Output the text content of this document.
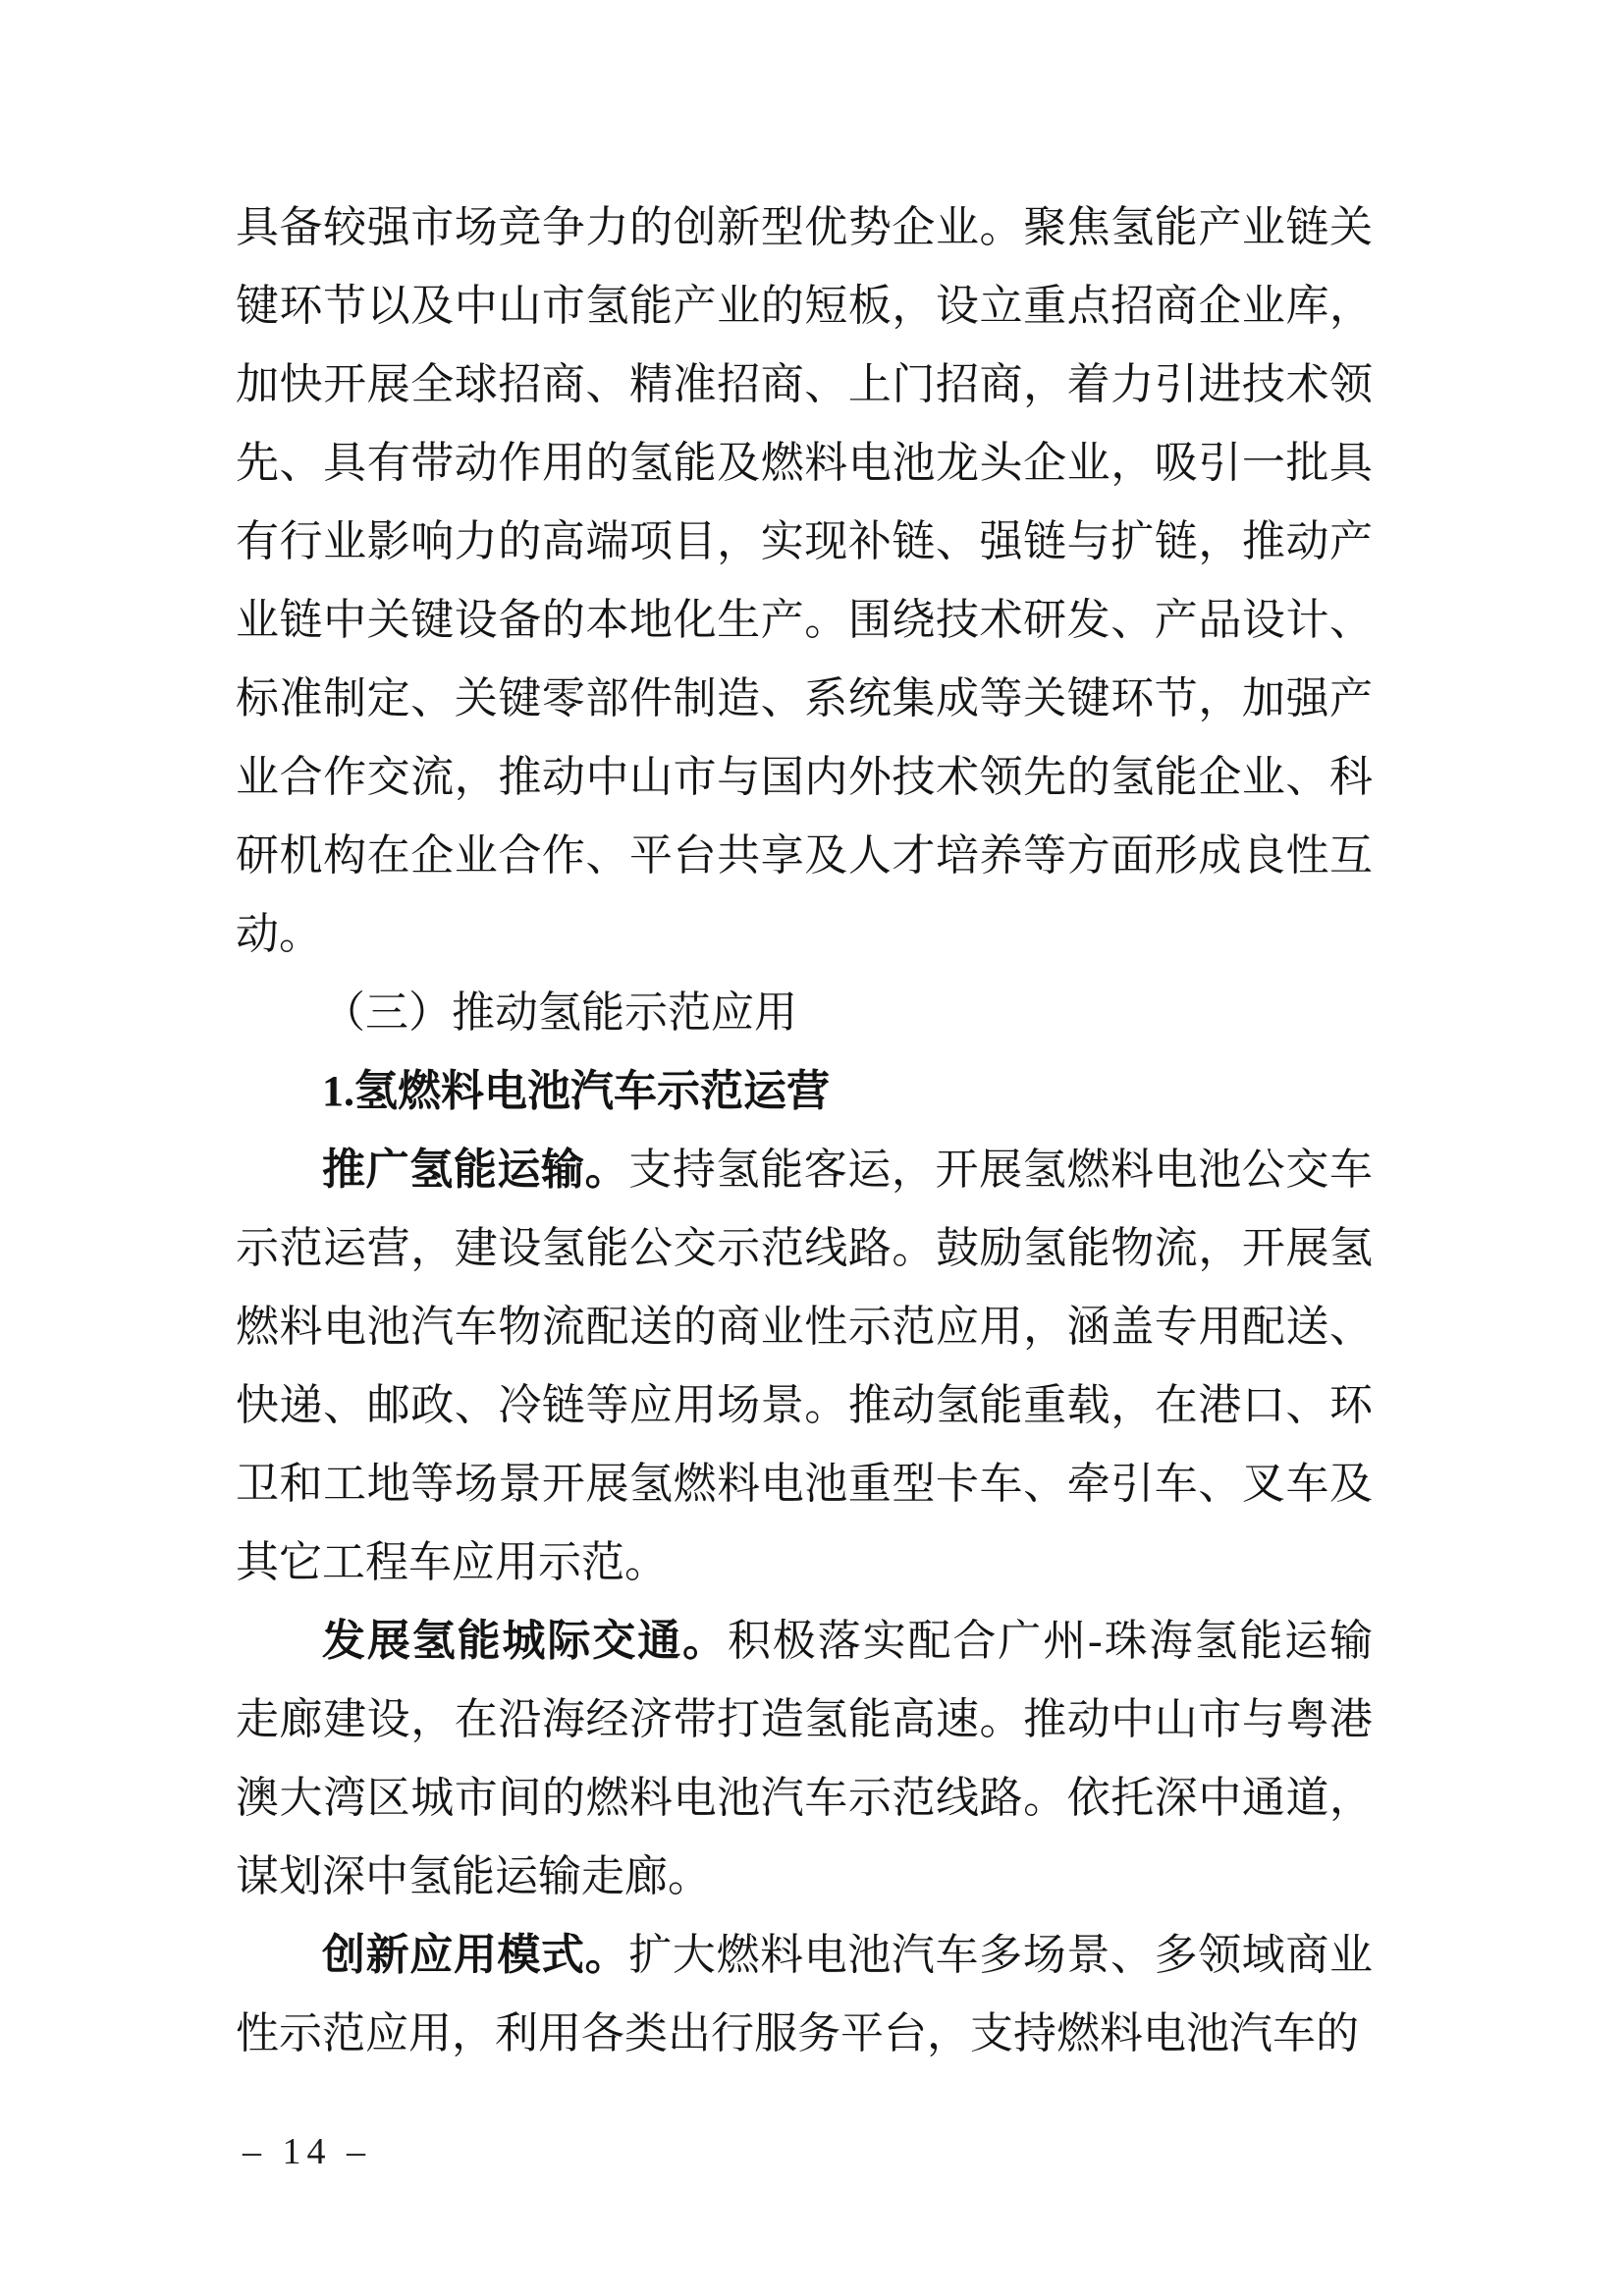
具备较强市场竞争力的创新型优势企业。聚焦氢能产业链关键环节以及中山市氢能产业的短板，设立重点招商企业库，加快开展全球招商、精准招商、上门招商，着力引进技术领先、具有带动作用的氢能及燃料电池龙头企业，吸引一批具有行业影响力的高端项目，实现补链、强链与扩链，推动产业链中关键设备的本地化生产。围绕技术研发、产品设计、标准制定、关键零部件制造、系统集成等关键环节，加强产业合作交流，推动中山市与国内外技术领先的氢能企业、科研机构在企业合作、平台共享及人才培养等方面形成良性互动。

（三）推动氢能示范应用

1.氢燃料电池汽车示范运营

推广氢能运输。支持氢能客运，开展氢燃料电池公交车示范运营，建设氢能公交示范线路。鼓励氢能物流，开展氢燃料电池汽车物流配送的商业性示范应用，涵盖专用配送、快递、邮政、冷链等应用场景。推动氢能重载，在港口、环卫和工地等场景开展氢燃料电池重型卡车、牵引车、叉车及其它工程车应用示范。

发展氢能城际交通。积极落实配合广州-珠海氢能运输走廊建设，在沿海经济带打造氢能高速。推动中山市与粤港澳大湾区城市间的燃料电池汽车示范线路。依托深中通道，谋划深中氢能运输走廊。

创新应用模式。扩大燃料电池汽车多场景、多领域商业性示范应用，利用各类出行服务平台，支持燃料电池汽车的

– 14 –
